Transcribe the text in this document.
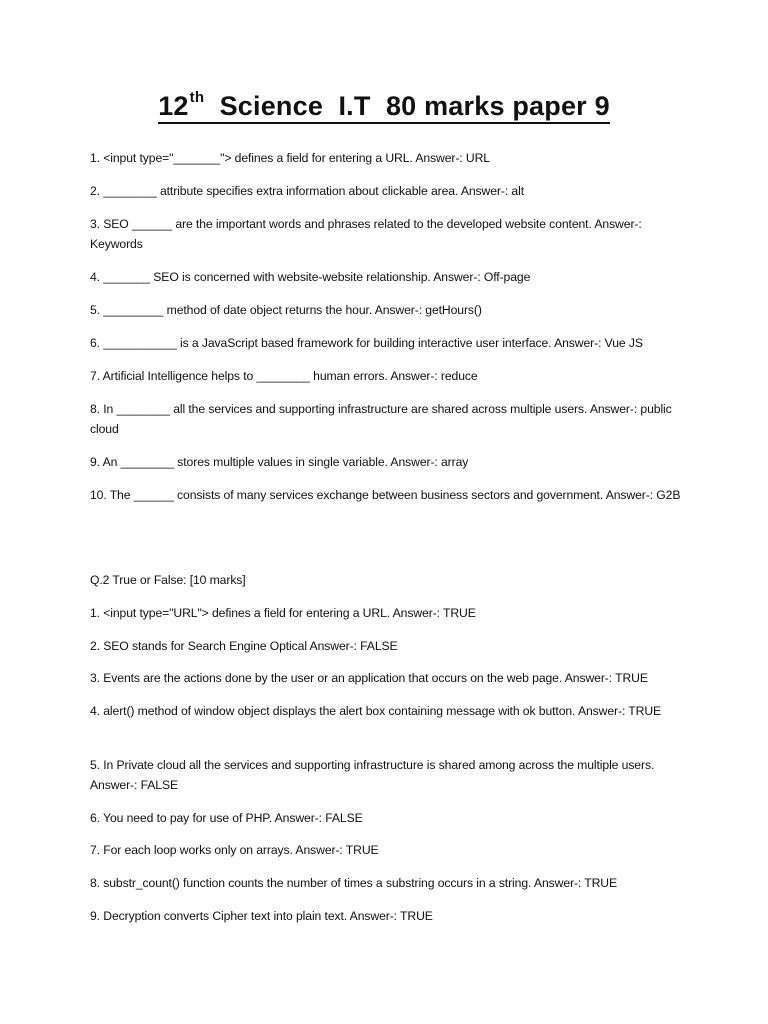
12th  Science  I.T  80 marks paper 9
1. <input type="_______"> defines a field for entering a URL. Answer-: URL
2. ________ attribute specifies extra information about clickable area. Answer-: alt
3. SEO ______ are the important words and phrases related to the developed website content. Answer-: Keywords
4. _______ SEO is concerned with website-website relationship. Answer-: Off-page
5. _________ method of date object returns the hour. Answer-: getHours()
6. ___________ is a JavaScript based framework for building interactive user interface. Answer-: Vue JS
7. Artificial Intelligence helps to ________ human errors. Answer-: reduce
8. In ________ all the services and supporting infrastructure are shared across multiple users. Answer-: public cloud
9. An ________ stores multiple values in single variable. Answer-: array
10. The ______ consists of many services exchange between business sectors and government. Answer-: G2B
Q.2 True or False: [10 marks]
1. <input type="URL"> defines a field for entering a URL. Answer-: TRUE
2. SEO stands for Search Engine Optical Answer-: FALSE
3. Events are the actions done by the user or an application that occurs on the web page. Answer-: TRUE
4. alert() method of window object displays the alert box containing message with ok button. Answer-: TRUE
5. In Private cloud all the services and supporting infrastructure is shared among across the multiple users. Answer-: FALSE
6. You need to pay for use of PHP. Answer-: FALSE
7. For each loop works only on arrays. Answer-: TRUE
8. substr_count() function counts the number of times a substring occurs in a string. Answer-: TRUE
9. Decryption converts Cipher text into plain text. Answer-: TRUE
